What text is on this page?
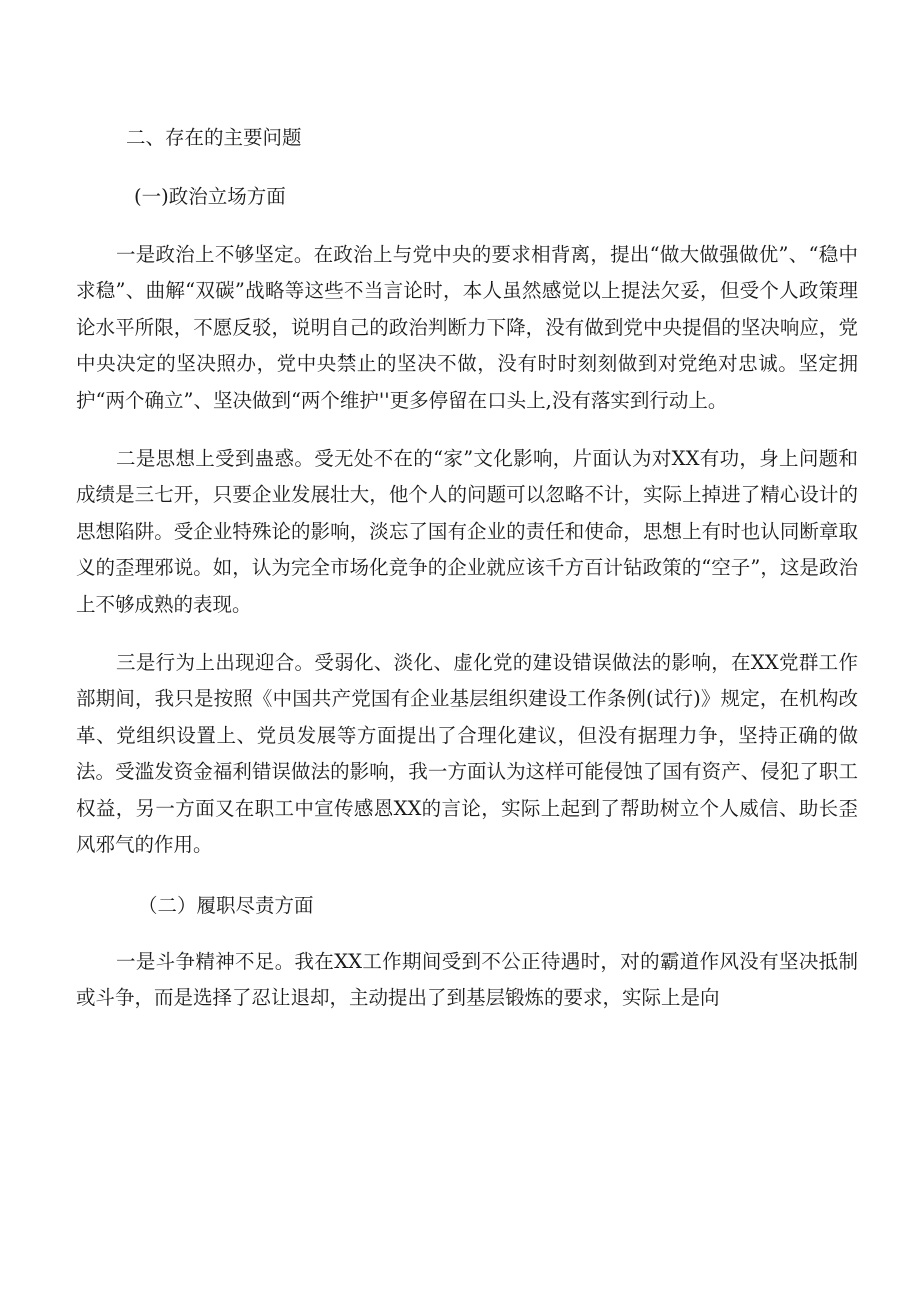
二、存在的主要问题
(一)政治立场方面

一是政治上不够坚定。在政治上与党中央的要求相背离，提出“做大做强做优”、“稳中求稳”、曲解“双碳”战略等这些不当言论时，本人虽然感觉以上提法欠妥，但受个人政策理论水平所限，不愿反驳，说明自己的政治判断力下降，没有做到党中央提倡的坚决响应，党中央决定的坚决照办，党中央禁止的坚决不做，没有时时刻刻做到对党绝对忠诚。坚定拥护“两个确立”、坚决做到“两个维护''更多停留在口头上,没有落实到行动上。

二是思想上受到蛊惑。受无处不在的“家”文化影响，片面认为对XX有功，身上问题和成绩是三七开，只要企业发展壮大，他个人的问题可以忽略不计，实际上掉进了精心设计的思想陷阱。受企业特殊论的影响，淡忘了国有企业的责任和使命，思想上有时也认同断章取义的歪理邪说。如，认为完全市场化竞争的企业就应该千方百计钻政策的“空子”，这是政治上不够成熟的表现。

三是行为上出现迎合。受弱化、淡化、虚化党的建设错误做法的影响，在XX党群工作部期间，我只是按照《中国共产党国有企业基层组织建设工作条例(试行)》规定，在机构改革、党组织设置上、党员发展等方面提出了合理化建议，但没有据理力争，坚持正确的做法。受滥发资金福利错误做法的影响，我一方面认为这样可能侵蚀了国有资产、侵犯了职工权益，另一方面又在职工中宣传感恩XX的言论，实际上起到了帮助树立个人威信、助长歪风邪气的作用。

（二）履职尽责方面

一是斗争精神不足。我在XX工作期间受到不公正待遇时，对的霸道作风没有坚决抵制或斗争，而是选择了忍让退却，主动提出了到基层锻炼的要求，实际上是向
